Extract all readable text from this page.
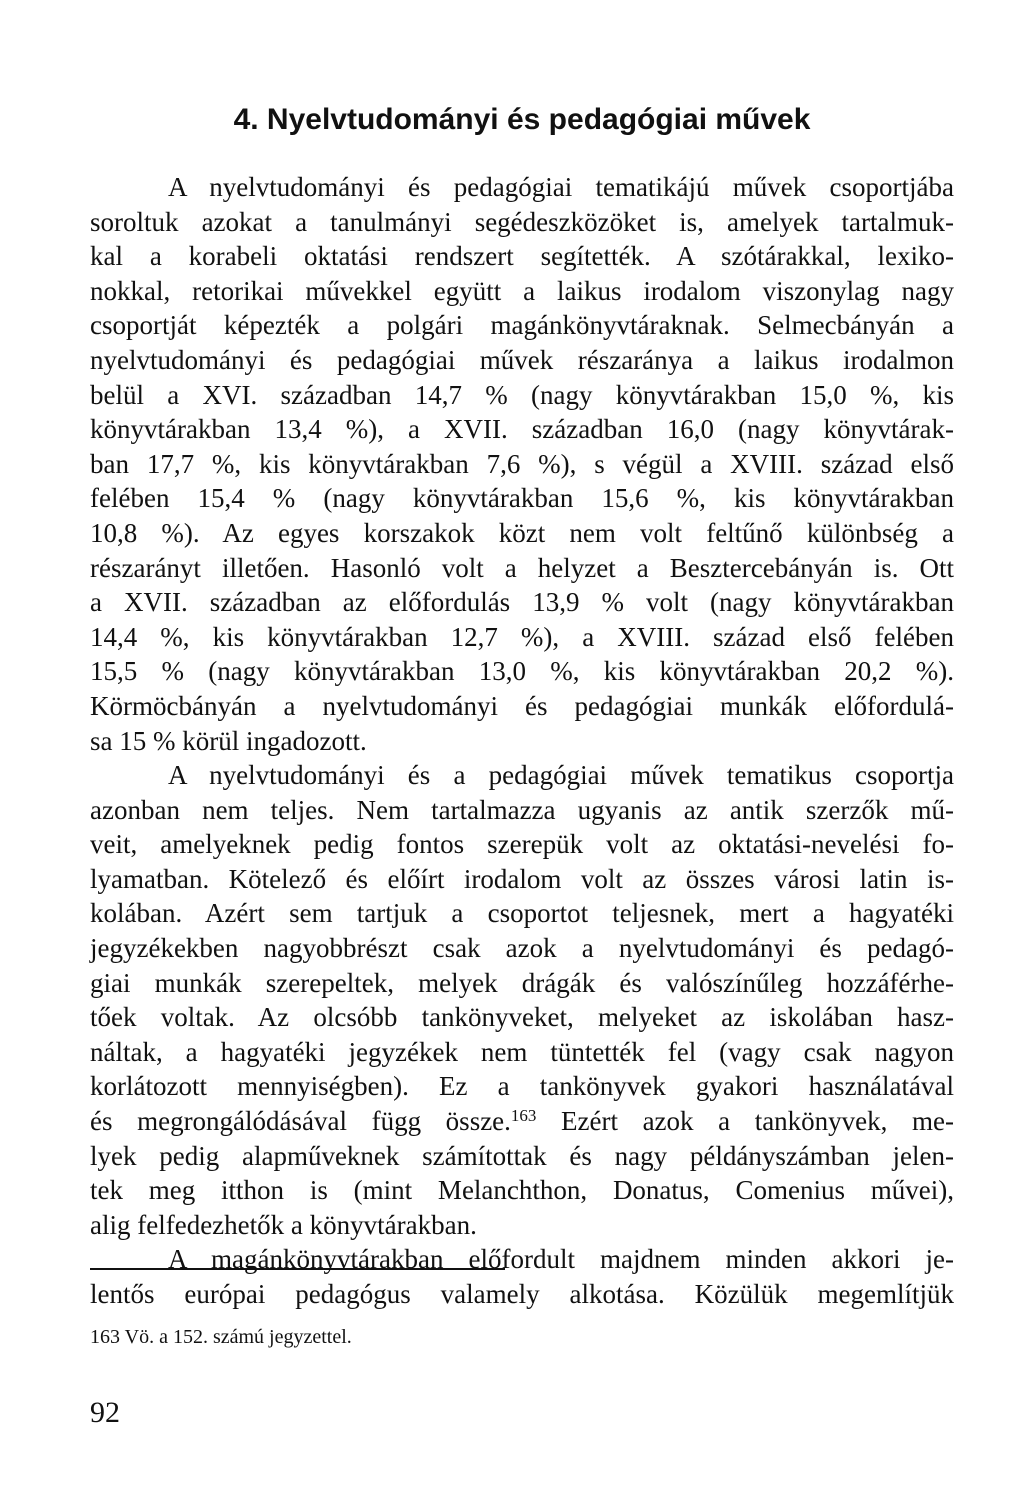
4. Nyelvtudományi és pedagógiai művek
A nyelvtudományi és pedagógiai tematikájú művek csoportjába
soroltuk azokat a tanulmányi segédeszközöket is, amelyek tartalmuk-
kal a korabeli oktatási rendszert segítették. A szótárakkal, lexiko-
nokkal, retorikai művekkel együtt a laikus irodalom viszonylag nagy
csoportját képezték a polgári magánkönyvtáraknak. Selmecbányán a
nyelvtudományi és pedagógiai művek részaránya a laikus irodalmon
belül a XVI. században 14,7 % (nagy könyvtárakban 15,0 %, kis
könyvtárakban 13,4 %), a XVII. században 16,0 (nagy könyvtárak-
ban 17,7 %, kis könyvtárakban 7,6 %), s végül a XVIII. század első
felében 15,4 % (nagy könyvtárakban 15,6 %, kis könyvtárakban
10,8 %). Az egyes korszakok közt nem volt feltűnő különbség a
részarányt illetően. Hasonló volt a helyzet a Besztercebányán is. Ott
a XVII. században az előfordulás 13,9 % volt (nagy könyvtárakban
14,4 %, kis könyvtárakban 12,7 %), a XVIII. század első felében
15,5 % (nagy könyvtárakban 13,0 %, kis könyvtárakban 20,2 %).
Körmöcbányán a nyelvtudományi és pedagógiai munkák előfordulá-
sa 15 % körül ingadozott.
A nyelvtudományi és a pedagógiai művek tematikus csoportja
azonban nem teljes. Nem tartalmazza ugyanis az antik szerzők mű-
veit, amelyeknek pedig fontos szerepük volt az oktatási-nevelési fo-
lyamatban. Kötelező és előírt irodalom volt az összes városi latin is-
kolában. Azért sem tartjuk a csoportot teljesnek, mert a hagyatéki
jegyzékekben nagyobbrészt csak azok a nyelvtudományi és pedagó-
giai munkák szerepeltek, melyek drágák és valószínűleg hozzáférhe-
tőek voltak. Az olcsóbb tankönyveket, melyeket az iskolában hasz-
náltak, a hagyatéki jegyzékek nem tüntették fel (vagy csak nagyon
korlátozott mennyiségben). Ez a tankönyvek gyakori használatával
és megrongálódásával függ össze.$^{163}$ Ezért azok a tankönyvek, me-
lyek pedig alapműveknek számítottak és nagy példányszámban jelen-
tek meg itthon is (mint Melanchthon, Donatus, Comenius művei),
alig felfedezhetők a könyvtárakban.
A magánkönyvtárakban előfordult majdnem minden akkori je-
lentős európai pedagógus valamely alkotása. Közülük megemlítjük
163 Vö. a 152. számú jegyzettel.
92
